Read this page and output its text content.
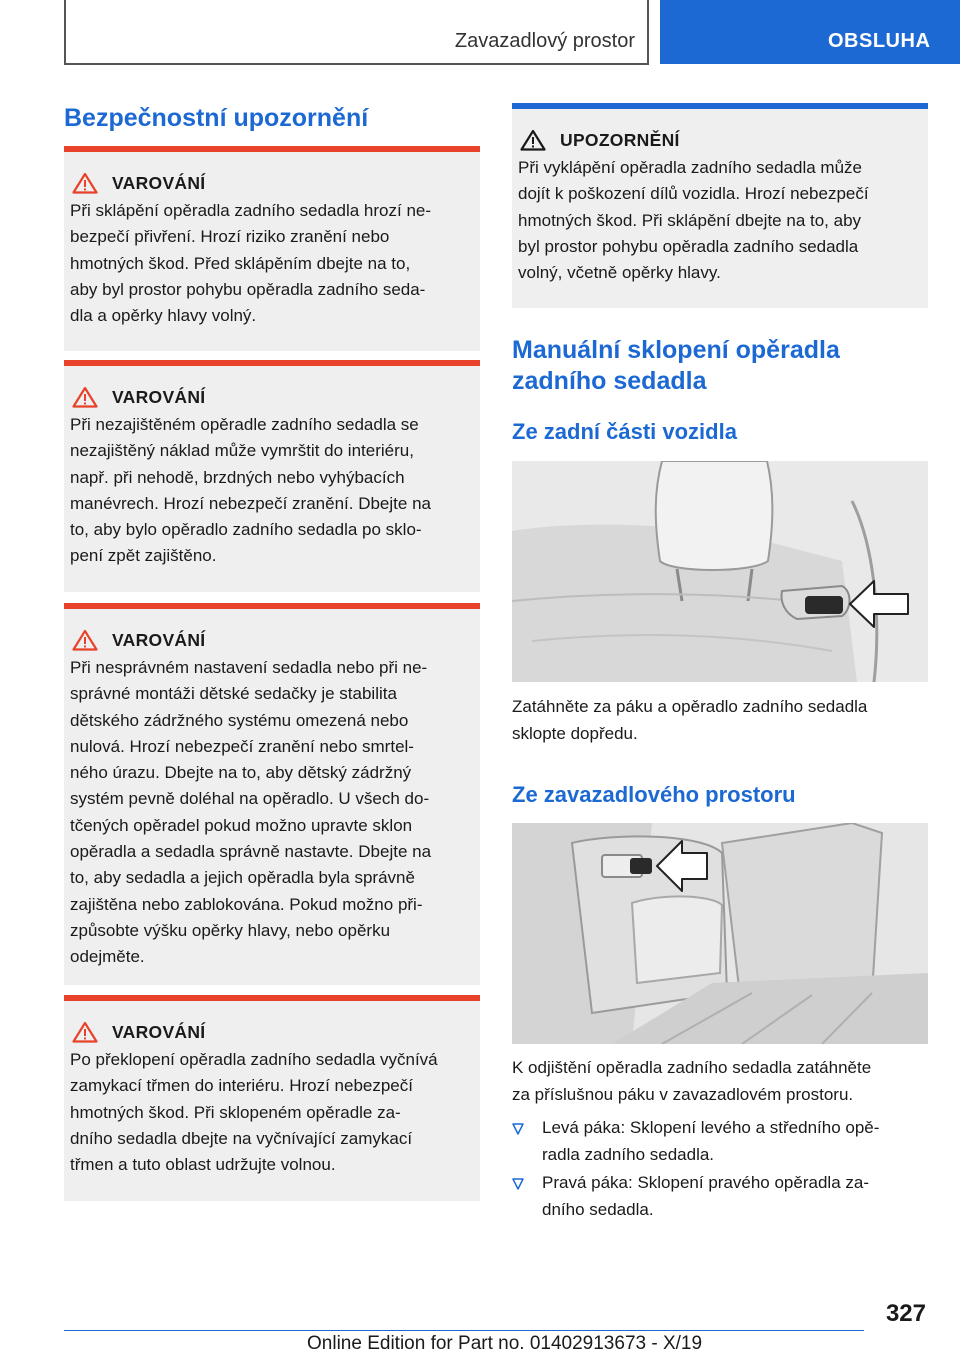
Zavazadlový prostor	OBSLUHA
Bezpečnostní upozornění
VAROVÁNÍ
Při sklápění opěradla zadního sedadla hrozí ne-
bezpečí přivření. Hrozí riziko zranění nebo
hmotných škod. Před sklápěním dbejte na to,
aby byl prostor pohybu opěradla zadního seda-
dla a opěrky hlavy volný.
VAROVÁNÍ
Při nezajištěném opěradle zadního sedadla se
nezajištěný náklad může vymrštit do interiéru,
např. při nehodě, brzdných nebo vyhýbacích
manévrech. Hrozí nebezpečí zranění. Dbejte na
to, aby bylo opěradlo zadního sedadla po sklo-
pení zpět zajištěno.
VAROVÁNÍ
Při nesprávném nastavení sedadla nebo při ne-
správné montáži dětské sedačky je stabilita
dětského zádržného systému omezená nebo
nulová. Hrozí nebezpečí zranění nebo smrtel-
ného úrazu. Dbejte na to, aby dětský zádržný
systém pevně doléhal na opěradlo. U všech do-
tčených opěradel pokud možno upravte sklon
opěradla a sedadla správně nastavte. Dbejte na
to, aby sedadla a jejich opěradla byla správně
zajištěna nebo zablokována. Pokud možno při-
způsobte výšku opěrky hlavy, nebo opěrku
odejměte.
VAROVÁNÍ
Po překlopení opěradla zadního sedadla vyčnívá
zamykací třmen do interiéru. Hrozí nebezpečí
hmotných škod. Při sklopeném opěradle za-
dního sedadla dbejte na vyčnívající zamykací
třmen a tuto oblast udržujte volnou.
UPOZORNĚNÍ
Při vyklápění opěradla zadního sedadla může
dojít k poškození dílů vozidla. Hrozí nebezpečí
hmotných škod. Při sklápění dbejte na to, aby
byl prostor pohybu opěradla zadního sedadla
volný, včetně opěrky hlavy.
Manuální sklopení opěradla
zadního sedadla
Ze zadní části vozidla

Zatáhněte za páku a opěradlo zadního sedadla
sklopte dopředu.

Ze zavazadlového prostoru

K odjištění opěradla zadního sedadla zatáhněte
za příslušnou páku v zavazadlovém prostoru.

Levá páka: Sklopení levého a středního opě-
radla zadního sedadla.
Pravá páka: Sklopení pravého opěradla za-
dního sedadla.
327
Online Edition for Part no. 01402913673 - X/19
